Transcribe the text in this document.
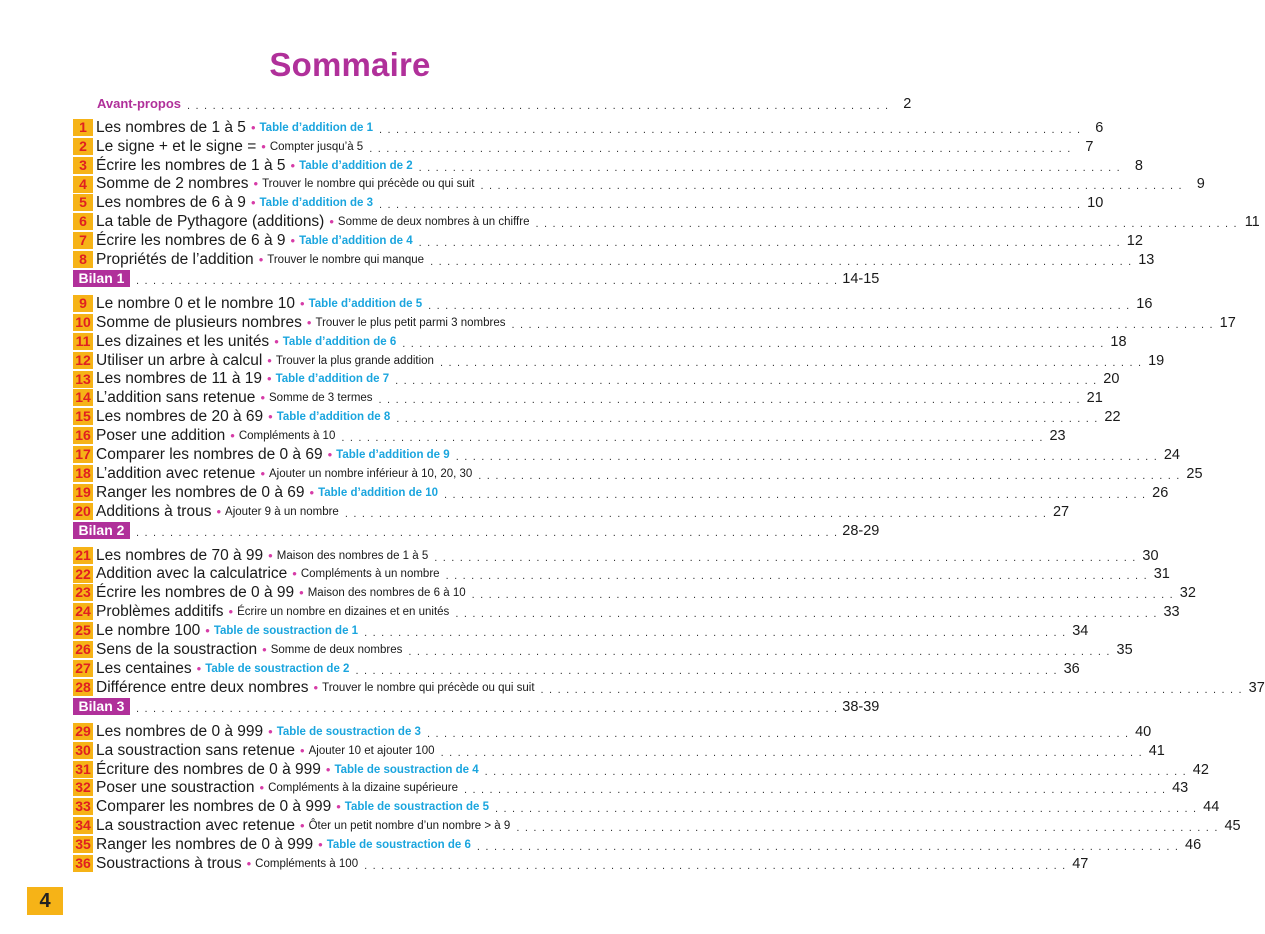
Sommaire
Avant-propos . . . . . . . . . . . . . . . . . . . . . . . . . . . . . . . . . . . . . . . . . . . . . . . . . . . . . . . . . . . . . . . . . . . . . . . . . . . . . . . . . . . 2
1 Les nombres de 1 à 5 • Table d’addition de 1 . . . . . . . . . . . . . . . . . . . . . . . . . . . . . . . . . . . . . . . . . . . . . . . . . . . . . . . . . . . . . . . . . . . . . . . . . . . . . . . . . . . 6
2 Le signe + et le signe = • Compter jusqu’à 5 . . . . . . . . . . . . . . . . . . . . . . . . . . . . . . . . . . . . . . . . . . . . . . . . . . . . . . . . . . . . . . . . . . . . . . . . . . . . . . . . . . . 7
3 Écrire les nombres de 1 à 5 • Table d’addition de 2 . . . . . . . . . . . . . . . . . . . . . . . . . . . . . . . . . . . . . . . . . . . . . . . . . . . . . . . . . . . . . . . . . . . . . . . . . . . . . . . . . . . 8
4 Somme de 2 nombres • Trouver le nombre qui précède ou qui suit . . . . . . . . . . . . . . . . . . . . . . . . . . . . . . . . . . . . . . . . . . . . . . . . . . . . . . . . . . . . . . . . . . . . . . . . . . . . . . . . . . . 9
5 Les nombres de 6 à 9 • Table d’addition de 3 . . . . . . . . . . . . . . . . . . . . . . . . . . . . . . . . . . . . . . . . . . . . . . . . . . . . . . . . . . . . . . . . . . . . . . . . . . . . . . . . . . . 10
6 La table de Pythagore (additions) • Somme de deux nombres à un chiffre . . . . . . . . . . . . . . . . . . . . . . . . . . . . . . . . . . . . . . . . . . . . . . . . . . . . . . . . . . . . . . . . . . . . . . . . . . . . . . . . . . . 11
7 Écrire les nombres de 6 à 9 • Table d’addition de 4 . . . . . . . . . . . . . . . . . . . . . . . . . . . . . . . . . . . . . . . . . . . . . . . . . . . . . . . . . . . . . . . . . . . . . . . . . . . . . . . . . . . 12
8 Propriétés de l’addition • Trouver le nombre qui manque . . . . . . . . . . . . . . . . . . . . . . . . . . . . . . . . . . . . . . . . . . . . . . . . . . . . . . . . . . . . . . . . . . . . . . . . . . . . . . . . . . . 13
Bilan 1	. . . . . . . . . . . . . . . . . . . . . . . . . . . . . . . . . . . . . . . . . . . . . . . . . . . . . . . . . . . . . . . . . . . . . . . . . . . . . . . . . . . 14-15
9 Le nombre 0 et le nombre 10 • Table d’addition de 5 . . . . . . . . . . . . . . . . . . . . . . . . . . . . . . . . . . . . . . . . . . . . . . . . . . . . . . . . . . . . . . . . . . . . . . . . . . . . . . . . . . . 16
10 Somme de plusieurs nombres • Trouver le plus petit parmi 3 nombres . . . . . . . . . . . . . . . . . . . . . . . . . . . . . . . . . . . . . . . . . . . . . . . . . . . . . . . . . . . . . . . . . . . . . . . . . . . . . . . . . . . 17
11 Les dizaines et les unités • Table d’addition de 6 . . . . . . . . . . . . . . . . . . . . . . . . . . . . . . . . . . . . . . . . . . . . . . . . . . . . . . . . . . . . . . . . . . . . . . . . . . . . . . . . . . . 18
12 Utiliser un arbre à calcul • Trouver la plus grande addition . . . . . . . . . . . . . . . . . . . . . . . . . . . . . . . . . . . . . . . . . . . . . . . . . . . . . . . . . . . . . . . . . . . . . . . . . . . . . . . . . . . 19
13 Les nombres de 11 à 19 • Table d’addition de 7 . . . . . . . . . . . . . . . . . . . . . . . . . . . . . . . . . . . . . . . . . . . . . . . . . . . . . . . . . . . . . . . . . . . . . . . . . . . . . . . . . . . 20
14 L’addition sans retenue • Somme de 3 termes . . . . . . . . . . . . . . . . . . . . . . . . . . . . . . . . . . . . . . . . . . . . . . . . . . . . . . . . . . . . . . . . . . . . . . . . . . . . . . . . . . . 21
15 Les nombres de 20 à 69 • Table d’addition de 8 . . . . . . . . . . . . . . . . . . . . . . . . . . . . . . . . . . . . . . . . . . . . . . . . . . . . . . . . . . . . . . . . . . . . . . . . . . . . . . . . . . . 22
16 Poser une addition • Compléments à 10 . . . . . . . . . . . . . . . . . . . . . . . . . . . . . . . . . . . . . . . . . . . . . . . . . . . . . . . . . . . . . . . . . . . . . . . . . . . . . . . . . . . 23
17 Comparer les nombres de 0 à 69 • Table d’addition de 9 . . . . . . . . . . . . . . . . . . . . . . . . . . . . . . . . . . . . . . . . . . . . . . . . . . . . . . . . . . . . . . . . . . . . . . . . . . . . . . . . . . . 24
18 L’addition avec retenue • Ajouter un nombre inférieur à 10, 20, 30 . . . . . . . . . . . . . . . . . . . . . . . . . . . . . . . . . . . . . . . . . . . . . . . . . . . . . . . . . . . . . . . . . . . . . . . . . . . . . . . . . . . 25
19 Ranger les nombres de 0 à 69 • Table d’addition de 10 . . . . . . . . . . . . . . . . . . . . . . . . . . . . . . . . . . . . . . . . . . . . . . . . . . . . . . . . . . . . . . . . . . . . . . . . . . . . . . . . . . . 26
20 Additions à trous • Ajouter 9 à un nombre . . . . . . . . . . . . . . . . . . . . . . . . . . . . . . . . . . . . . . . . . . . . . . . . . . . . . . . . . . . . . . . . . . . . . . . . . . . . . . . . . . . 27
Bilan 2	. . . . . . . . . . . . . . . . . . . . . . . . . . . . . . . . . . . . . . . . . . . . . . . . . . . . . . . . . . . . . . . . . . . . . . . . . . . . . . . . . . . 28-29
21 Les nombres de 70 à 99 • Maison des nombres de 1 à 5 . . . . . . . . . . . . . . . . . . . . . . . . . . . . . . . . . . . . . . . . . . . . . . . . . . . . . . . . . . . . . . . . . . . . . . . . . . . . . . . . . . . 30
22 Addition avec la calculatrice • Compléments à un nombre . . . . . . . . . . . . . . . . . . . . . . . . . . . . . . . . . . . . . . . . . . . . . . . . . . . . . . . . . . . . . . . . . . . . . . . . . . . . . . . . . . . 31
23 Écrire les nombres de 0 à 99 • Maison des nombres de 6 à 10 . . . . . . . . . . . . . . . . . . . . . . . . . . . . . . . . . . . . . . . . . . . . . . . . . . . . . . . . . . . . . . . . . . . . . . . . . . . . . . . . . . . 32
24 Problèmes additifs • Écrire un nombre en dizaines et en unités . . . . . . . . . . . . . . . . . . . . . . . . . . . . . . . . . . . . . . . . . . . . . . . . . . . . . . . . . . . . . . . . . . . . . . . . . . . . . . . . . . . 33
25 Le nombre 100 • Table de soustraction de 1 . . . . . . . . . . . . . . . . . . . . . . . . . . . . . . . . . . . . . . . . . . . . . . . . . . . . . . . . . . . . . . . . . . . . . . . . . . . . . . . . . . . 34
26 Sens de la soustraction • Somme de deux nombres . . . . . . . . . . . . . . . . . . . . . . . . . . . . . . . . . . . . . . . . . . . . . . . . . . . . . . . . . . . . . . . . . . . . . . . . . . . . . . . . . . . 35
27 Les centaines • Table de soustraction de 2 . . . . . . . . . . . . . . . . . . . . . . . . . . . . . . . . . . . . . . . . . . . . . . . . . . . . . . . . . . . . . . . . . . . . . . . . . . . . . . . . . . . 36
28 Différence entre deux nombres • Trouver le nombre qui précède ou qui suit . . . . . . . . . . . . . . . . . . . . . . . . . . . . . . . . . . . . . . . . . . . . . . . . . . . . . . . . . . . . . . . . . . . . . . . . . . . . . . . . . . . 37
Bilan 3	. . . . . . . . . . . . . . . . . . . . . . . . . . . . . . . . . . . . . . . . . . . . . . . . . . . . . . . . . . . . . . . . . . . . . . . . . . . . . . . . . . . 38-39
29 Les nombres de 0 à 999 • Table de soustraction de 3 . . . . . . . . . . . . . . . . . . . . . . . . . . . . . . . . . . . . . . . . . . . . . . . . . . . . . . . . . . . . . . . . . . . . . . . . . . . . . . . . . . . 40
30 La soustraction sans retenue • Ajouter 10 et ajouter 100 . . . . . . . . . . . . . . . . . . . . . . . . . . . . . . . . . . . . . . . . . . . . . . . . . . . . . . . . . . . . . . . . . . . . . . . . . . . . . . . . . . . 41
31 Écriture des nombres de 0 à 999 • Table de soustraction de 4 . . . . . . . . . . . . . . . . . . . . . . . . . . . . . . . . . . . . . . . . . . . . . . . . . . . . . . . . . . . . . . . . . . . . . . . . . . . . . . . . . . . 42
32 Poser une soustraction • Compléments à la dizaine supérieure . . . . . . . . . . . . . . . . . . . . . . . . . . . . . . . . . . . . . . . . . . . . . . . . . . . . . . . . . . . . . . . . . . . . . . . . . . . . . . . . . . . 43
33 Comparer les nombres de 0 à 999 • Table de soustraction de 5 . . . . . . . . . . . . . . . . . . . . . . . . . . . . . . . . . . . . . . . . . . . . . . . . . . . . . . . . . . . . . . . . . . . . . . . . . . . . . . . . . . . 44
34 La soustraction avec retenue • Ôter un petit nombre d’un nombre > à 9 . . . . . . . . . . . . . . . . . . . . . . . . . . . . . . . . . . . . . . . . . . . . . . . . . . . . . . . . . . . . . . . . . . . . . . . . . . . . . . . . . . . 45
35 Ranger les nombres de 0 à 999 • Table de soustraction de 6 . . . . . . . . . . . . . . . . . . . . . . . . . . . . . . . . . . . . . . . . . . . . . . . . . . . . . . . . . . . . . . . . . . . . . . . . . . . . . . . . . . . 46
36 Soustractions à trous • Compléments à 100 . . . . . . . . . . . . . . . . . . . . . . . . . . . . . . . . . . . . . . . . . . . . . . . . . . . . . . . . . . . . . . . . . . . . . . . . . . . . . . . . . . . 47
4
